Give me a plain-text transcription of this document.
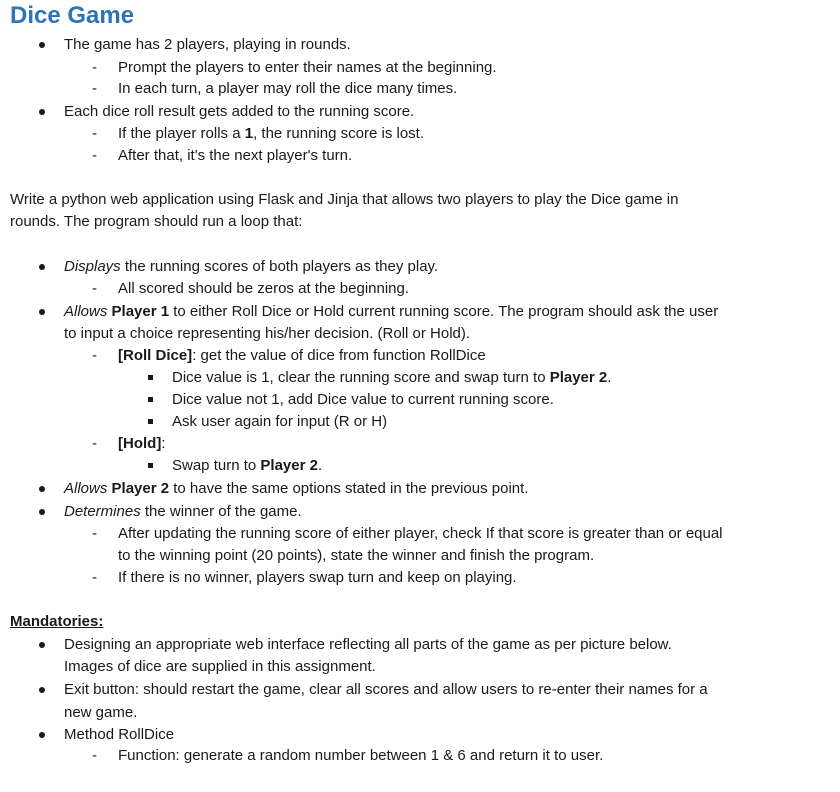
Dice Game
The game has 2 players, playing in rounds.
- Prompt the players to enter their names at the beginning.
- In each turn, a player may roll the dice many times.
Each dice roll result gets added to the running score.
- If the player rolls a 1, the running score is lost.
- After that, it's the next player's turn.
Write a python web application using Flask and Jinja that allows two players to play the Dice game in
rounds. The program should run a loop that:
Displays the running scores of both players as they play.
- All scored should be zeros at the beginning.
Allows Player 1 to either Roll Dice or Hold current running score. The program should ask the user
to input a choice representing his/her decision. (Roll or Hold).
- [Roll Dice]: get the value of dice from function RollDice
Dice value is 1, clear the running score and swap turn to Player 2.
Dice value not 1, add Dice value to current running score.
Ask user again for input (R or H)
- [Hold]:
Swap turn to Player 2.
Allows Player 2 to have the same options stated in the previous point.
Determines the winner of the game.
- After updating the running score of either player, check If that score is greater than or equal
to the winning point (20 points), state the winner and finish the program.
- If there is no winner, players swap turn and keep on playing.
Mandatories:
Designing an appropriate web interface reflecting all parts of the game as per picture below.
Images of dice are supplied in this assignment.
Exit button: should restart the game, clear all scores and allow users to re-enter their names for a
new game.
Method RollDice
- Function: generate a random number between 1 & 6 and return it to user.
